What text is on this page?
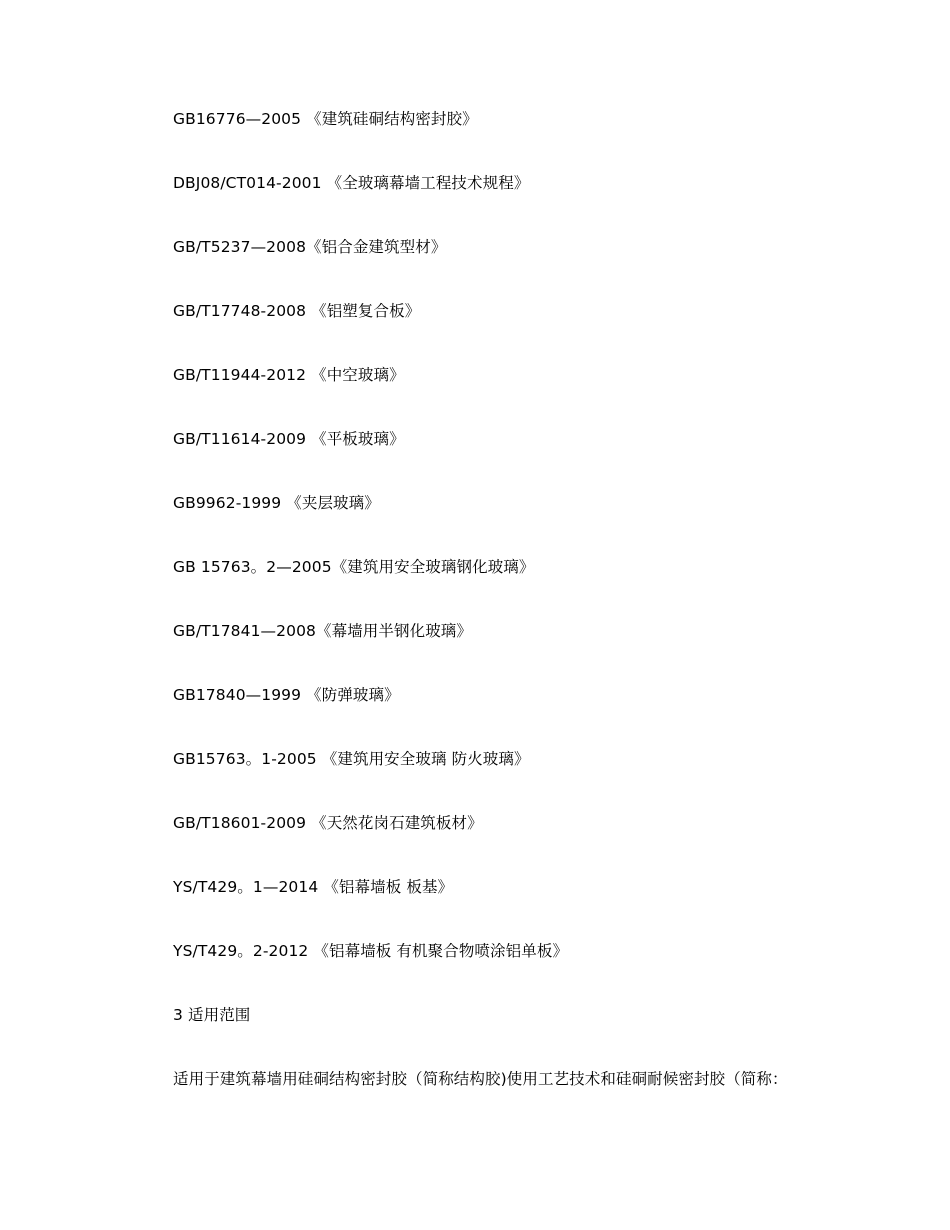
GB16776—2005 《建筑硅硐结构密封胶》
DBJ08/CT014-2001 《全玻璃幕墙工程技术规程》
GB/T5237—2008《铝合金建筑型材》
GB/T17748-2008 《铝塑复合板》
GB/T11944-2012 《中空玻璃》
GB/T11614-2009 《平板玻璃》
GB9962-1999 《夹层玻璃》
GB 15763。2—2005《建筑用安全玻璃钢化玻璃》
GB/T17841—2008《幕墙用半钢化玻璃》
GB17840—1999 《防弹玻璃》
GB15763。1-2005 《建筑用安全玻璃 防火玻璃》
GB/T18601-2009 《天然花岗石建筑板材》
YS/T429。1—2014 《铝幕墙板 板基》
YS/T429。2-2012 《铝幕墙板 有机聚合物喷涂铝单板》
3 适用范围
适用于建筑幕墙用硅硐结构密封胶（简称结构胶)使用工艺技术和硅硐耐候密封胶（简称：
